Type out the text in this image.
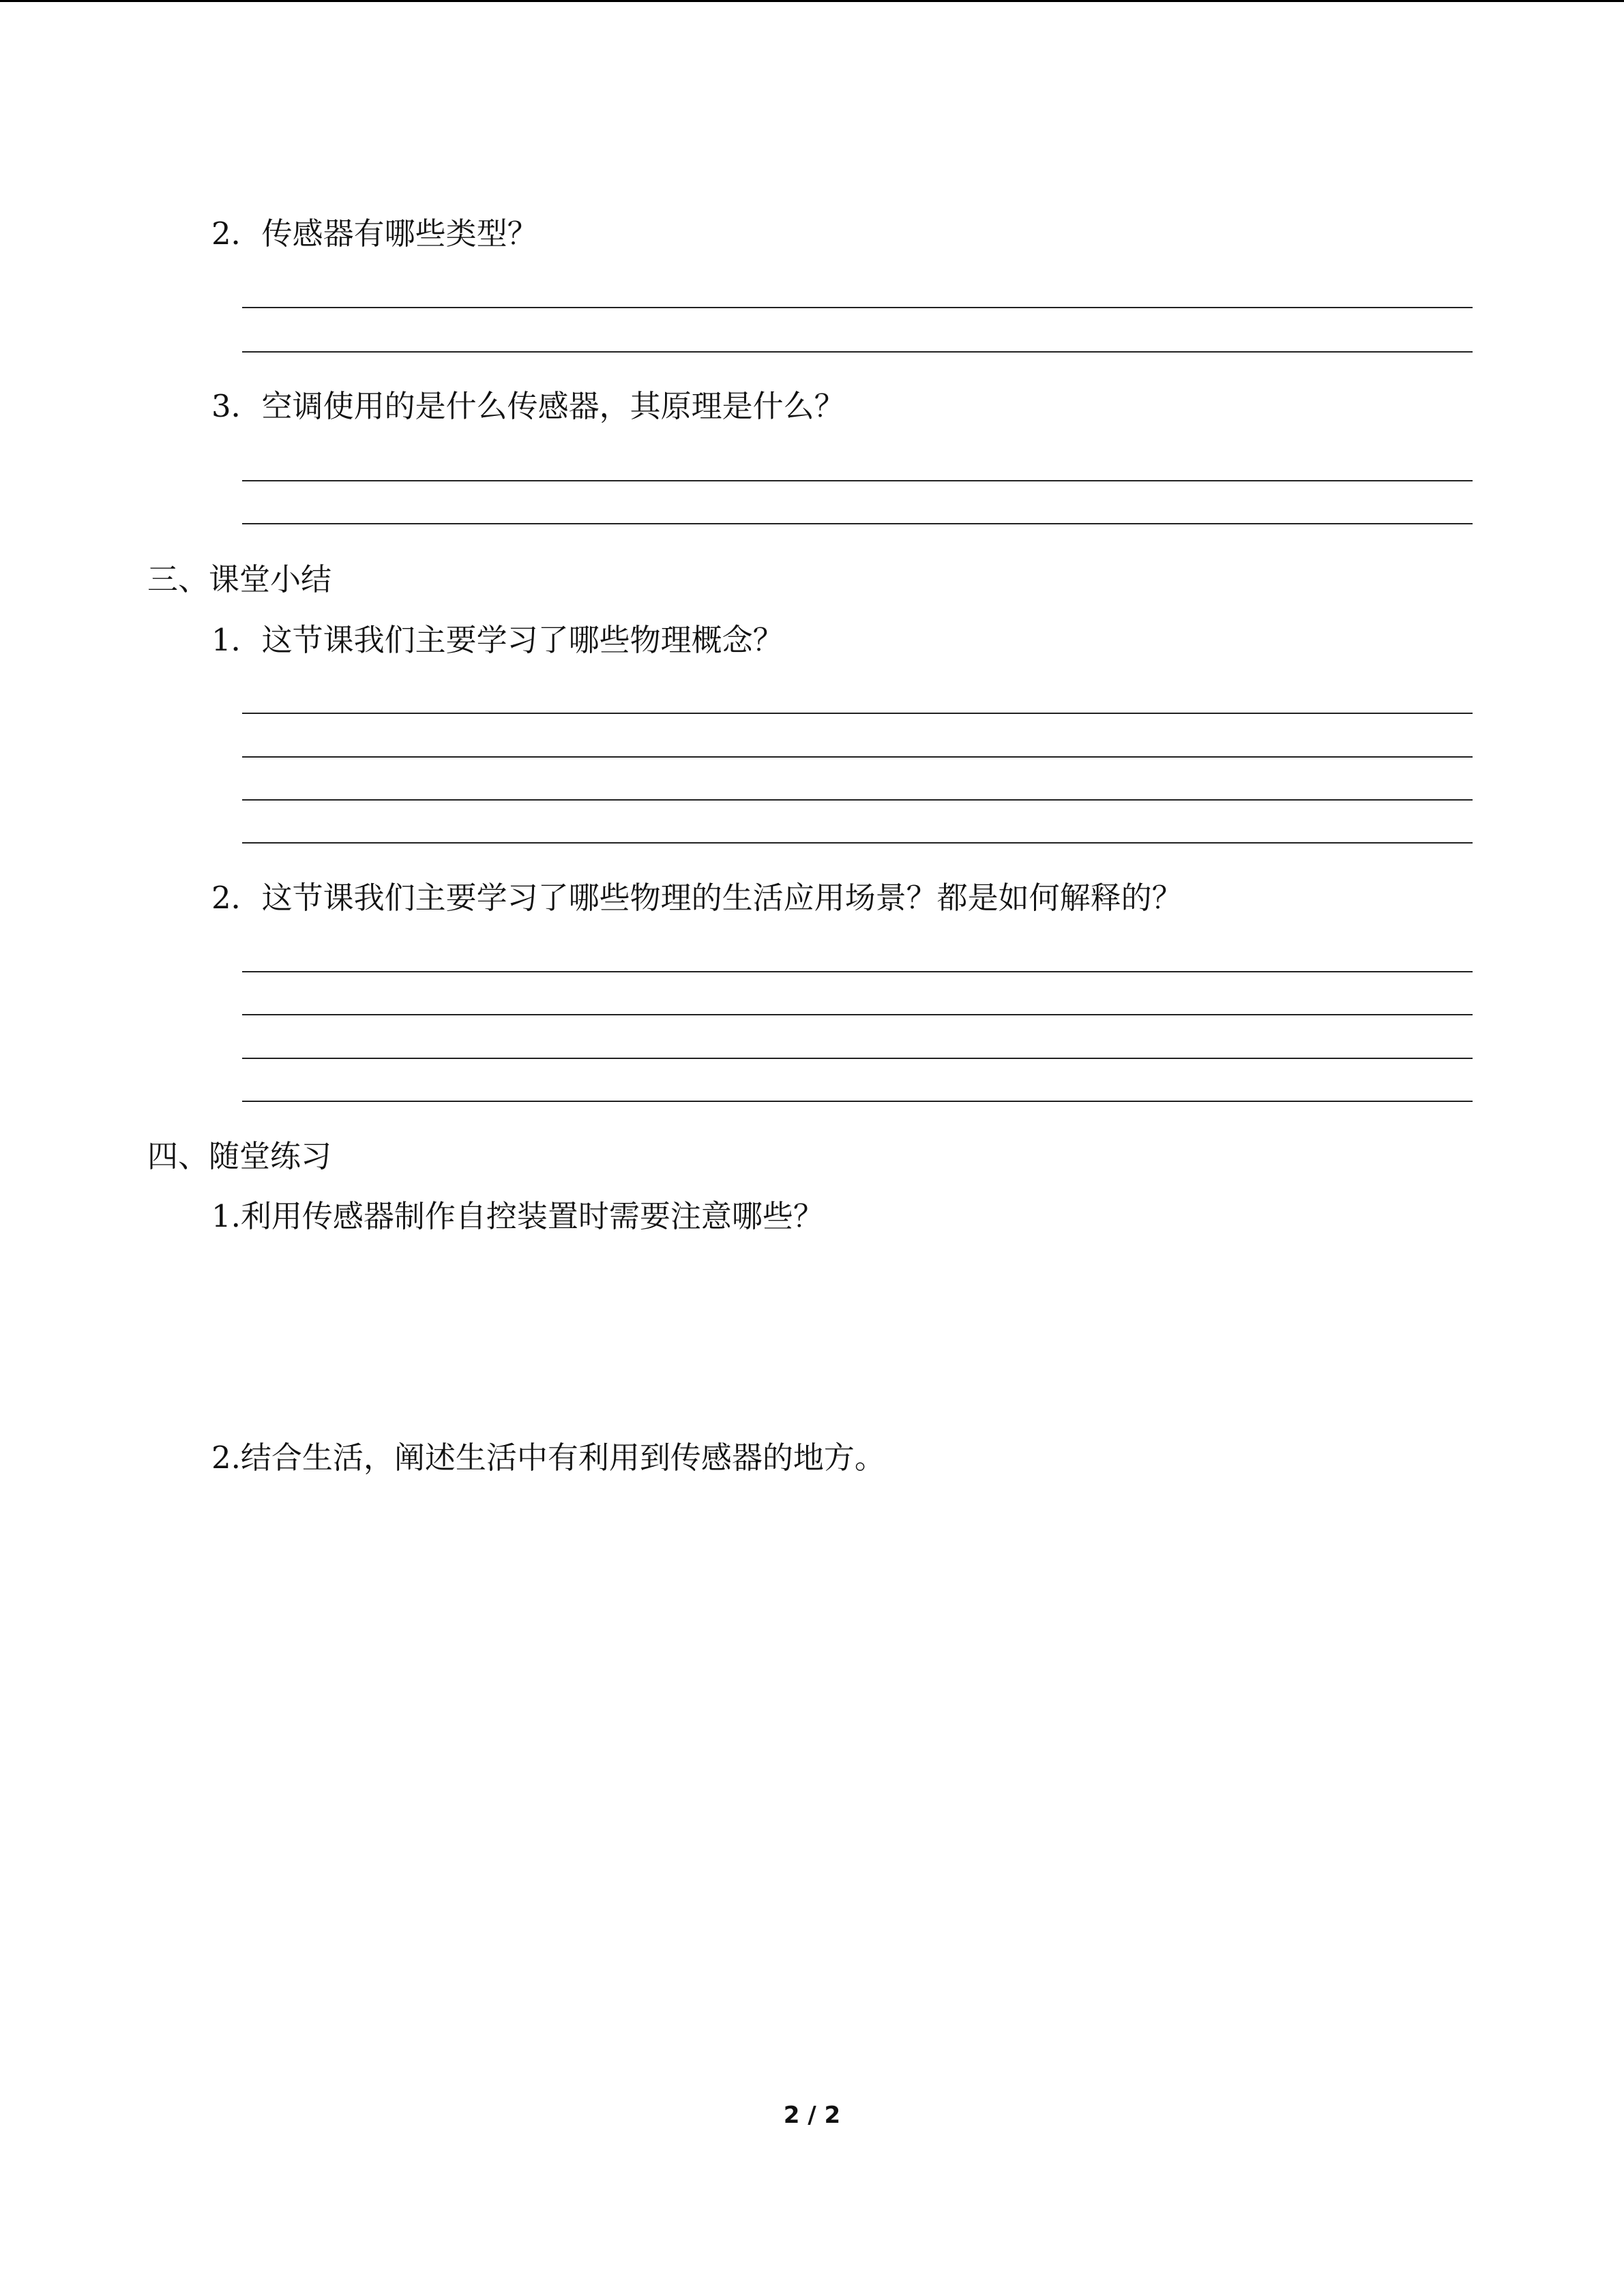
2．传感器有哪些类型？
3．空调使用的是什么传感器，其原理是什么？
三、课堂小结
1．这节课我们主要学习了哪些物理概念？
2．这节课我们主要学习了哪些物理的生活应用场景？都是如何解释的？
四、随堂练习
1.利用传感器制作自控装置时需要注意哪些？
2.结合生活，阐述生活中有利用到传感器的地方。
2 / 2
